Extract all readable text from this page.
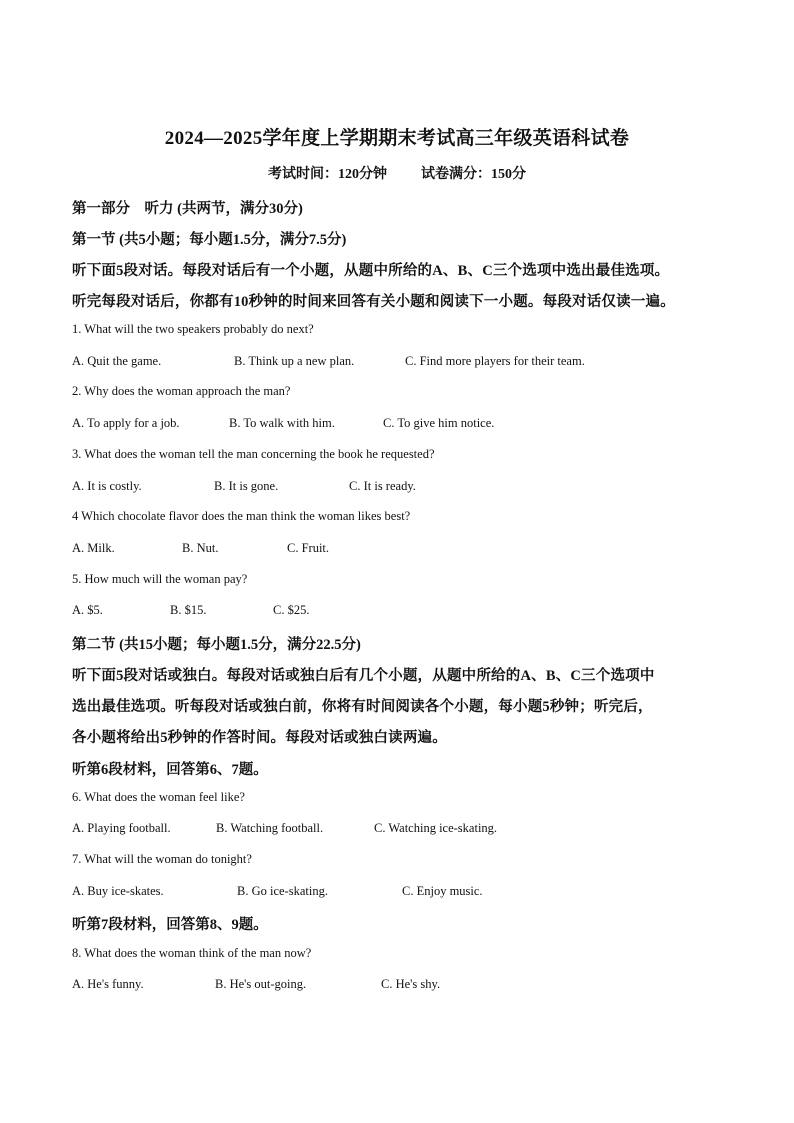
2024—2025学年度上学期期末考试高三年级英语科试卷
考试时间：120分钟 试卷满分：150分
第一部分　听力 (共两节，满分30分)
第一节 (共5小题；每小题1.5分，满分7.5分)
听下面5段对话。每段对话后有一个小题，从题中所给的A、B、C三个选项中选出最佳选项。
听完每段对话后，你都有10秒钟的时间来回答有关小题和阅读下一小题。每段对话仅读一遍。
1. What will the two speakers probably do next?
A. Quit the game.	B. Think up a new plan.	C. Find more players for their team.
2. Why does the woman approach the man?
A. To apply for a job.	B. To walk with him.	C. To give him notice.
3. What does the woman tell the man concerning the book he requested?
A. It is costly.	B. It is gone.	C. It is ready.
4 Which chocolate flavor does the man think the woman likes best?
A. Milk.	B. Nut.	C. Fruit.
5. How much will the woman pay?
A. $5.	B. $15.	C. $25.
第二节 (共15小题；每小题1.5分，满分22.5分)
听下面5段对话或独白。每段对话或独白后有几个小题，从题中所给的A、B、C三个选项中
选出最佳选项。听每段对话或独白前，你将有时间阅读各个小题，每小题5秒钟；听完后，
各小题将给出5秒钟的作答时间。每段对话或独白读两遍。
听第6段材料，回答第6、7题。
6. What does the woman feel like?
A. Playing football.	B. Watching football.	C. Watching ice-skating.
7. What will the woman do tonight?
A. Buy ice-skates.	B. Go ice-skating.	C. Enjoy music.
听第7段材料，回答第8、9题。
8. What does the woman think of the man now?
A. He's funny.	B. He's out-going.	C. He's shy.
